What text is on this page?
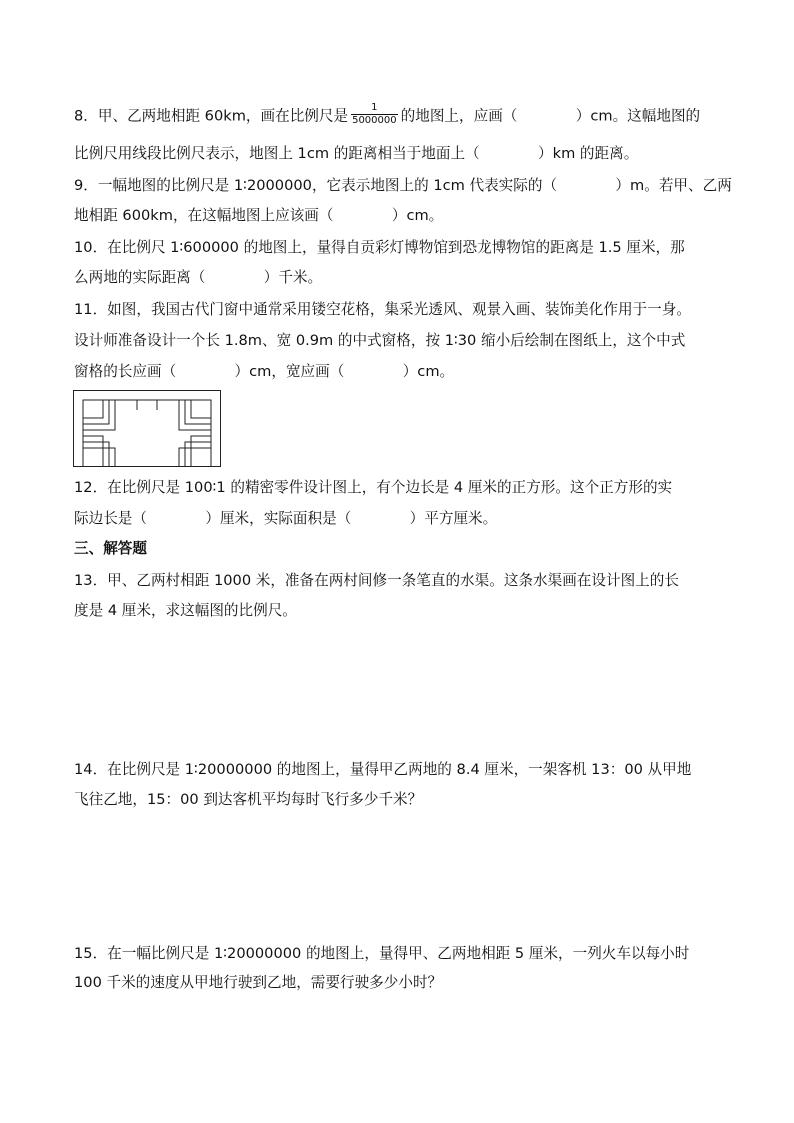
8．甲、乙两地相距 60km，画在比例尺是 $\frac{1}{5000000}$ 的地图上，应画（　　　　）cm。这幅地图的
比例尺用线段比例尺表示，地图上 1cm 的距离相当于地面上（　　　　）km 的距离。
9．一幅地图的比例尺是 1∶2000000，它表示地图上的 1cm 代表实际的（　　　　）m。若甲、乙两
地相距 600km，在这幅地图上应该画（　　　　）cm。
10．在比例尺 1∶600000 的地图上，量得自贡彩灯博物馆到恐龙博物馆的距离是 1.5 厘米，那
么两地的实际距离（　　　　）千米。
11．如图，我国古代门窗中通常采用镂空花格，集采光透风、观景入画、装饰美化作用于一身。
设计师准备设计一个长 1.8m、宽 0.9m 的中式窗格，按 1∶30 缩小后绘制在图纸上，这个中式
窗格的长应画（　　　　）cm，宽应画（　　　　）cm。
12．在比例尺是 100∶1 的精密零件设计图上，有个边长是 4 厘米的正方形。这个正方形的实
际边长是（　　　　）厘米，实际面积是（　　　　）平方厘米。
三、解答题
13．甲、乙两村相距 1000 米，准备在两村间修一条笔直的水渠。这条水渠画在设计图上的长
度是 4 厘米，求这幅图的比例尺。
14．在比例尺是 1∶20000000 的地图上，量得甲乙两地的 8.4 厘米，一架客机 13：00 从甲地
飞往乙地，15：00 到达客机平均每时飞行多少千米？
15．在一幅比例尺是 1∶20000000 的地图上，量得甲、乙两地相距 5 厘米，一列火车以每小时
100 千米的速度从甲地行驶到乙地，需要行驶多少小时？
